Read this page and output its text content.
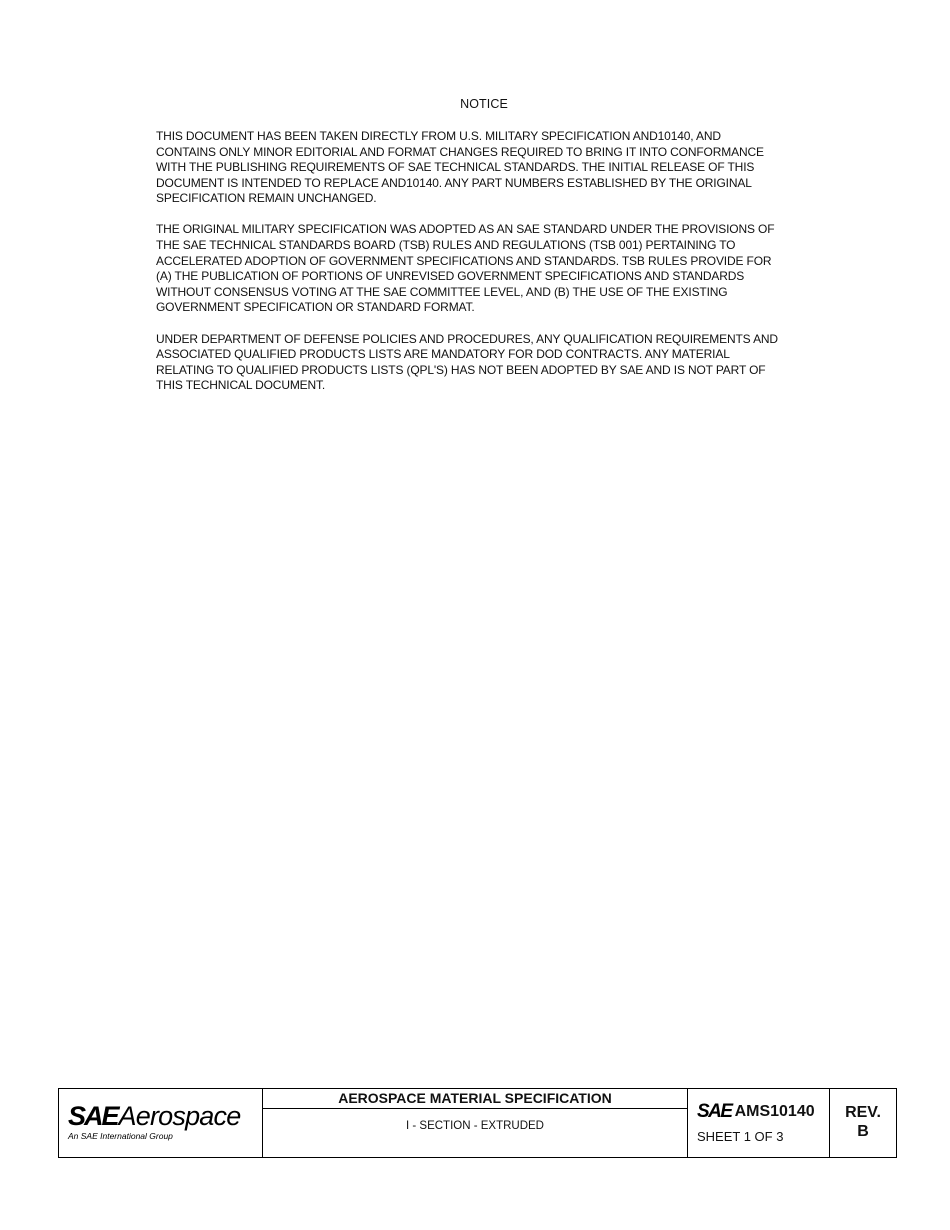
NOTICE

THIS DOCUMENT HAS BEEN TAKEN DIRECTLY FROM U.S. MILITARY SPECIFICATION AND10140, AND
CONTAINS ONLY MINOR EDITORIAL AND FORMAT CHANGES REQUIRED TO BRING IT INTO CONFORMANCE
WITH THE PUBLISHING REQUIREMENTS OF SAE TECHNICAL STANDARDS. THE INITIAL RELEASE OF THIS
DOCUMENT IS INTENDED TO REPLACE AND10140. ANY PART NUMBERS ESTABLISHED BY THE ORIGINAL
SPECIFICATION REMAIN UNCHANGED.

THE ORIGINAL MILITARY SPECIFICATION WAS ADOPTED AS AN SAE STANDARD UNDER THE PROVISIONS OF
THE SAE TECHNICAL STANDARDS BOARD (TSB) RULES AND REGULATIONS (TSB 001) PERTAINING TO
ACCELERATED ADOPTION OF GOVERNMENT SPECIFICATIONS AND STANDARDS. TSB RULES PROVIDE FOR
(A) THE PUBLICATION OF PORTIONS OF UNREVISED GOVERNMENT SPECIFICATIONS AND STANDARDS
WITHOUT CONSENSUS VOTING AT THE SAE COMMITTEE LEVEL, AND (B) THE USE OF THE EXISTING
GOVERNMENT SPECIFICATION OR STANDARD FORMAT.

UNDER DEPARTMENT OF DEFENSE POLICIES AND PROCEDURES, ANY QUALIFICATION REQUIREMENTS AND
ASSOCIATED QUALIFIED PRODUCTS LISTS ARE MANDATORY FOR DOD CONTRACTS. ANY MATERIAL
RELATING TO QUALIFIED PRODUCTS LISTS (QPL'S) HAS NOT BEEN ADOPTED BY SAE AND IS NOT PART OF
THIS TECHNICAL DOCUMENT.

SAE Aerospace
An SAE International Group
AEROSPACE MATERIAL SPECIFICATION
I - SECTION - EXTRUDED
SAE AMS10140
SHEET 1 OF 3
REV.
B
